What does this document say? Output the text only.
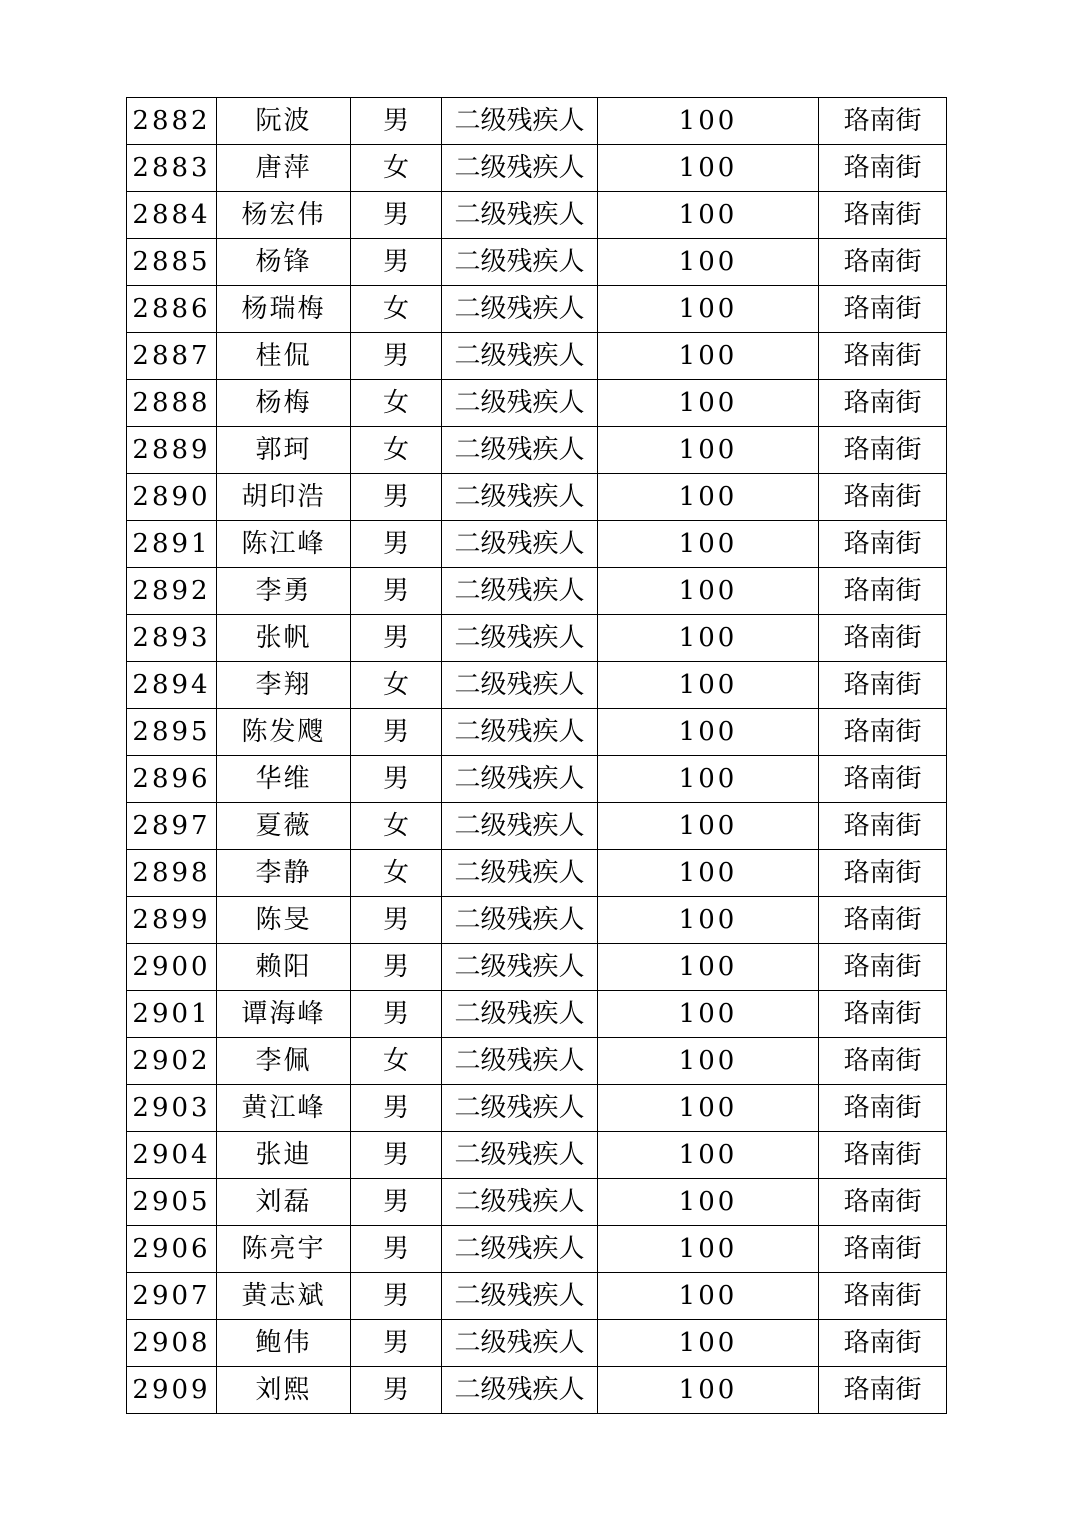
2882	阮波	男	二级残疾人	100	珞南街
2883	唐萍	女	二级残疾人	100	珞南街
2884	杨宏伟	男	二级残疾人	100	珞南街
2885	杨锋	男	二级残疾人	100	珞南街
2886	杨瑞梅	女	二级残疾人	100	珞南街
2887	桂侃	男	二级残疾人	100	珞南街
2888	杨梅	女	二级残疾人	100	珞南街
2889	郭珂	女	二级残疾人	100	珞南街
2890	胡印浩	男	二级残疾人	100	珞南街
2891	陈江峰	男	二级残疾人	100	珞南街
2892	李勇	男	二级残疾人	100	珞南街
2893	张帆	男	二级残疾人	100	珞南街
2894	李翔	女	二级残疾人	100	珞南街
2895	陈发飕	男	二级残疾人	100	珞南街
2896	华维	男	二级残疾人	100	珞南街
2897	夏薇	女	二级残疾人	100	珞南街
2898	李静	女	二级残疾人	100	珞南街
2899	陈旻	男	二级残疾人	100	珞南街
2900	赖阳	男	二级残疾人	100	珞南街
2901	谭海峰	男	二级残疾人	100	珞南街
2902	李佩	女	二级残疾人	100	珞南街
2903	黄江峰	男	二级残疾人	100	珞南街
2904	张迪	男	二级残疾人	100	珞南街
2905	刘磊	男	二级残疾人	100	珞南街
2906	陈亮宇	男	二级残疾人	100	珞南街
2907	黄志斌	男	二级残疾人	100	珞南街
2908	鲍伟	男	二级残疾人	100	珞南街
2909	刘熙	男	二级残疾人	100	珞南街
